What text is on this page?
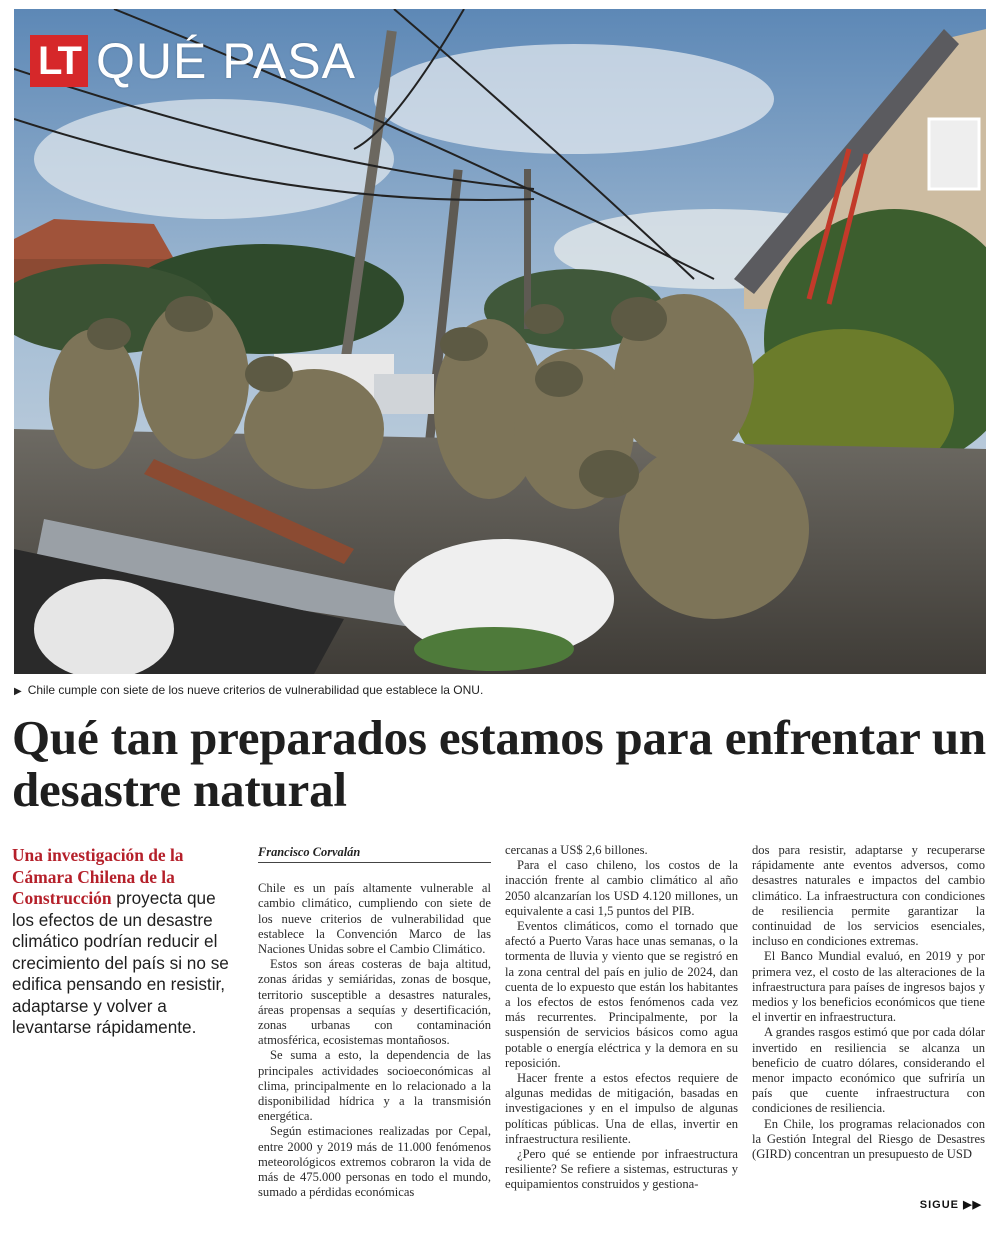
LT QUÉ PASA
▶ Chile cumple con siete de los nueve criterios de vulnerabilidad que establece la ONU.
Qué tan preparados estamos para enfrentar un desastre natural
Una investigación de la Cámara Chilena de la Construcción proyecta que los efectos de un desastre climático podrían reducir el crecimiento del país si no se edifica pensando en resistir, adaptarse y volver a levantarse rápidamente.
Francisco Corvalán

Chile es un país altamente vulnerable al cambio climático, cumpliendo con siete de los nueve criterios de vulnerabilidad que establece la Convención Marco de las Naciones Unidas sobre el Cambio Climático.

Estos son áreas costeras de baja altitud, zonas áridas y semiáridas, zonas de bosque, territorio susceptible a desastres naturales, áreas propensas a sequías y desertificación, zonas urbanas con contaminación atmosférica, ecosistemas montañosos.

Se suma a esto, la dependencia de las principales actividades socioeconómicas al clima, principalmente en lo relacionado a la disponibilidad hídrica y a la transmisión energética.

Según estimaciones realizadas por Cepal, entre 2000 y 2019 más de 11.000 fenómenos meteorológicos extremos cobraron la vida de más de 475.000 personas en todo el mundo, sumado a pérdidas económicas

cercanas a US$ 2,6 billones.

Para el caso chileno, los costos de la inacción frente al cambio climático al año 2050 alcanzarían los USD 4.120 millones, un equivalente a casi 1,5 puntos del PIB.

Eventos climáticos, como el tornado que afectó a Puerto Varas hace unas semanas, o la tormenta de lluvia y viento que se registró en la zona central del país en julio de 2024, dan cuenta de lo expuesto que están los habitantes a los efectos de estos fenómenos cada vez más recurrentes. Principalmente, por la suspensión de servicios básicos como agua potable o energía eléctrica y la demora en su reposición.

Hacer frente a estos efectos requiere de algunas medidas de mitigación, basadas en investigaciones y en el impulso de algunas políticas públicas. Una de ellas, invertir en infraestructura resiliente.

¿Pero qué se entiende por infraestructura resiliente? Se refiere a sistemas, estructuras y equipamientos construidos y gestiona-

dos para resistir, adaptarse y recuperarse rápidamente ante eventos adversos, como desastres naturales e impactos del cambio climático. La infraestructura con condiciones de resiliencia permite garantizar la continuidad de los servicios esenciales, incluso en condiciones extremas.

El Banco Mundial evaluó, en 2019 y por primera vez, el costo de las alteraciones de la infraestructura para países de ingresos bajos y medios y los beneficios económicos que tiene el invertir en infraestructura.

A grandes rasgos estimó que por cada dólar invertido en resiliencia se alcanza un beneficio de cuatro dólares, considerando el menor impacto económico que sufriría un país que cuente infraestructura con condiciones de resiliencia.

En Chile, los programas relacionados con la Gestión Integral del Riesgo de Desastres (GIRD) concentran un presupuesto de USD

SIGUE ▶▶
